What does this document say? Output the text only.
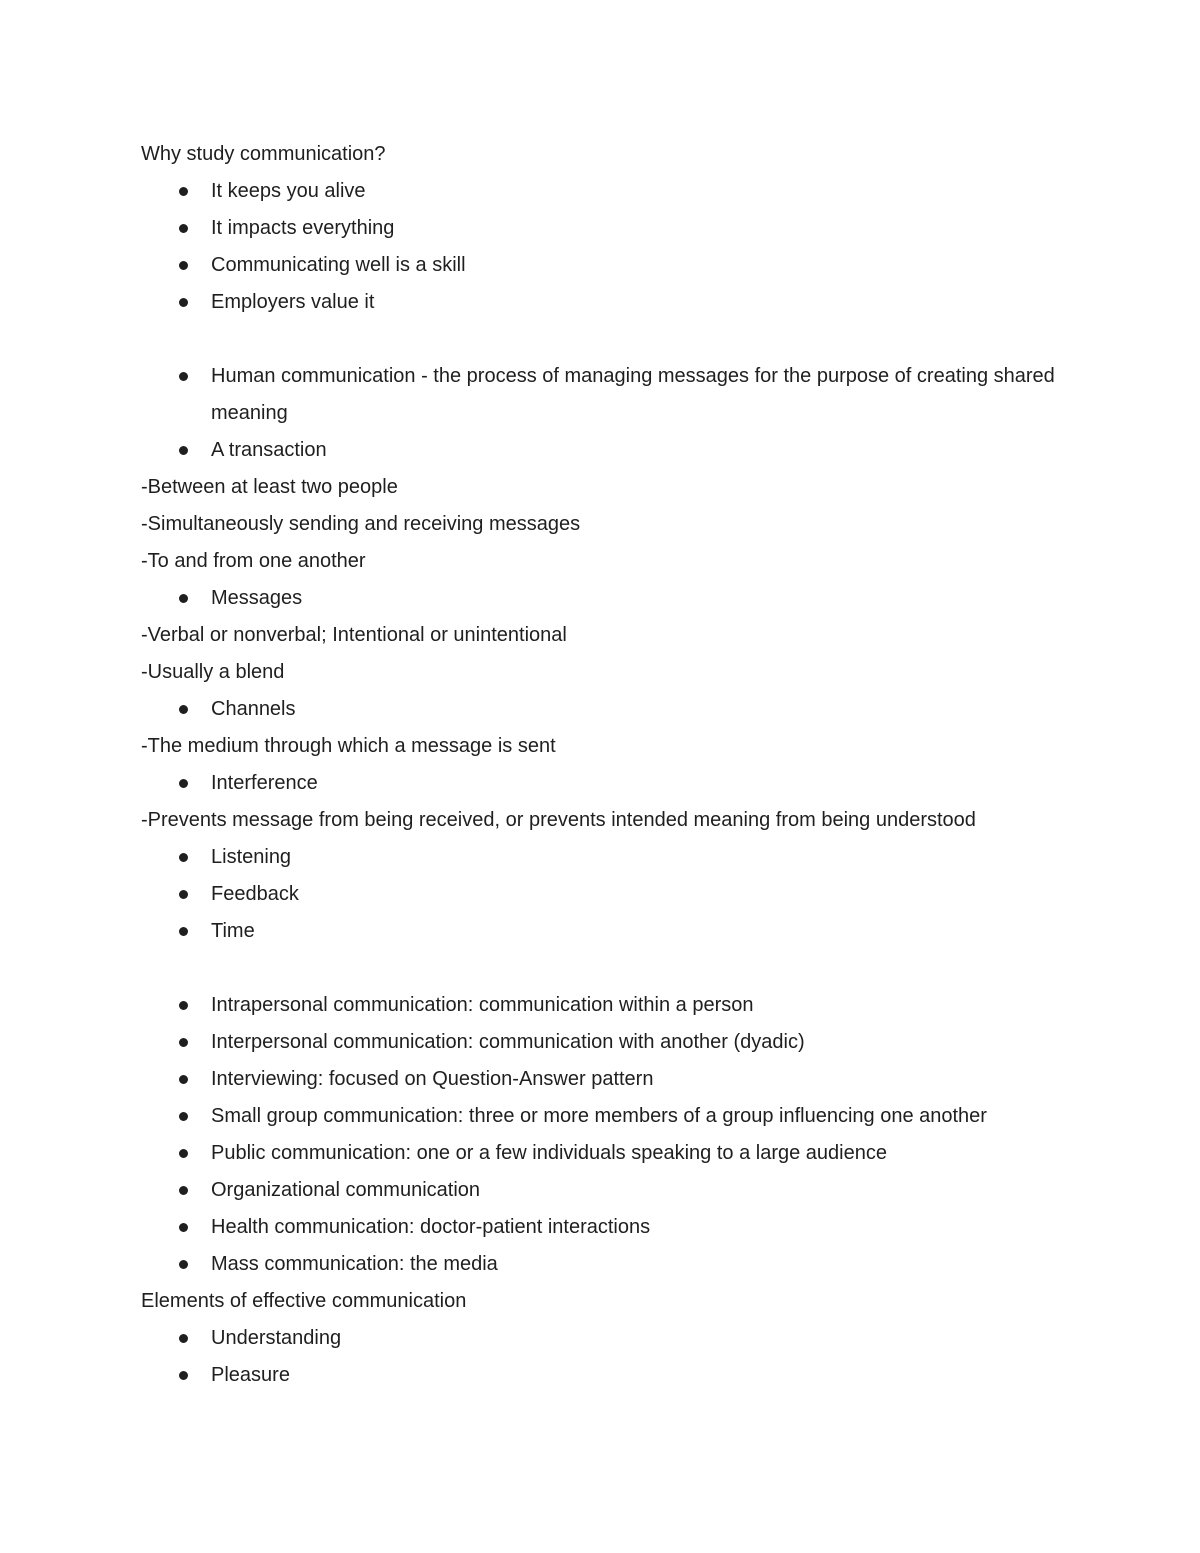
Why study communication?

It keeps you alive
It impacts everything
Communicating well is a skill
Employers value it
Human communication - the process of managing messages for the purpose of creating shared meaning
A transaction

-Between at least two people

-Simultaneously sending and receiving messages

-To and from one another

Messages

-Verbal or nonverbal; Intentional or unintentional

-Usually a blend

Channels

-The medium through which a message is sent

Interference

-Prevents message from being received, or prevents intended meaning from being understood

Listening
Feedback
Time
Intrapersonal communication: communication within a person
Interpersonal communication: communication with another (dyadic)
Interviewing: focused on Question-Answer pattern
Small group communication: three or more members of a group influencing one another
Public communication: one or a few individuals speaking to a large audience
Organizational communication
Health communication: doctor-patient interactions
Mass communication: the media

Elements of effective communication

Understanding
Pleasure
